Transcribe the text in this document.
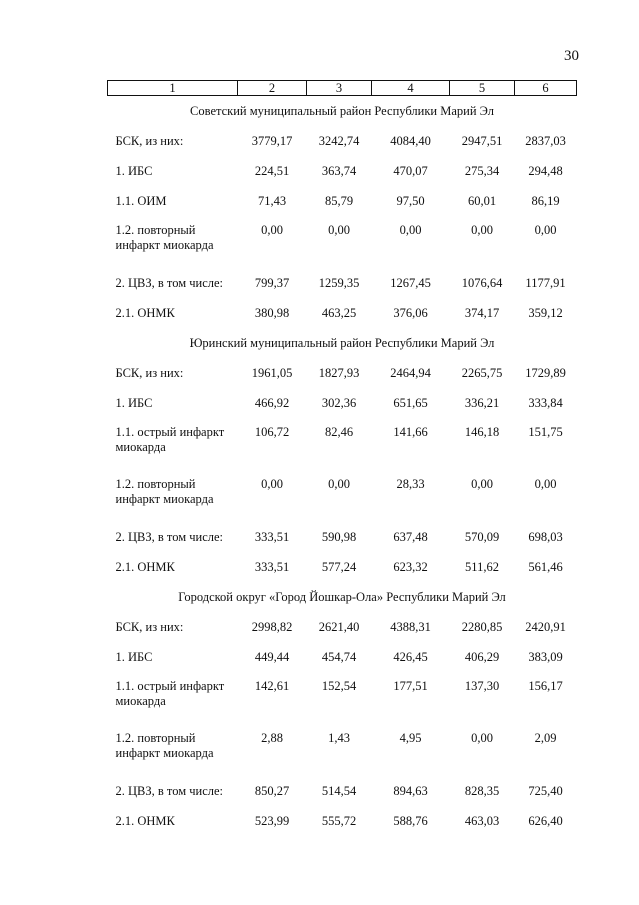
30
1	2	3	4	5	6
Советский муниципальный район Республики Марий Эл					
БСК, из них:	3779,17	3242,74	4084,40	2947,51	2837,03
1. ИБС	224,51	363,74	470,07	275,34	294,48
1.1. ОИМ	71,43	85,79	97,50	60,01	86,19
1.2. повторный инфаркт миокарда	0,00	0,00	0,00	0,00	0,00
2. ЦВЗ, в том числе:	799,37	1259,35	1267,45	1076,64	1177,91
2.1. ОНМК	380,98	463,25	376,06	374,17	359,12
Юринский муниципальный район Республики Марий Эл					
БСК, из них:	1961,05	1827,93	2464,94	2265,75	1729,89
1. ИБС	466,92	302,36	651,65	336,21	333,84
1.1. острый инфаркт миокарда	106,72	82,46	141,66	146,18	151,75
1.2. повторный инфаркт миокарда	0,00	0,00	28,33	0,00	0,00
2. ЦВЗ, в том числе:	333,51	590,98	637,48	570,09	698,03
2.1. ОНМК	333,51	577,24	623,32	511,62	561,46
Городской округ «Город Йошкар-Ола» Республики Марий Эл					
БСК, из них:	2998,82	2621,40	4388,31	2280,85	2420,91
1. ИБС	449,44	454,74	426,45	406,29	383,09
1.1. острый инфаркт миокарда	142,61	152,54	177,51	137,30	156,17
1.2. повторный инфаркт миокарда	2,88	1,43	4,95	0,00	2,09
2. ЦВЗ, в том числе:	850,27	514,54	894,63	828,35	725,40
2.1. ОНМК	523,99	555,72	588,76	463,03	626,40
